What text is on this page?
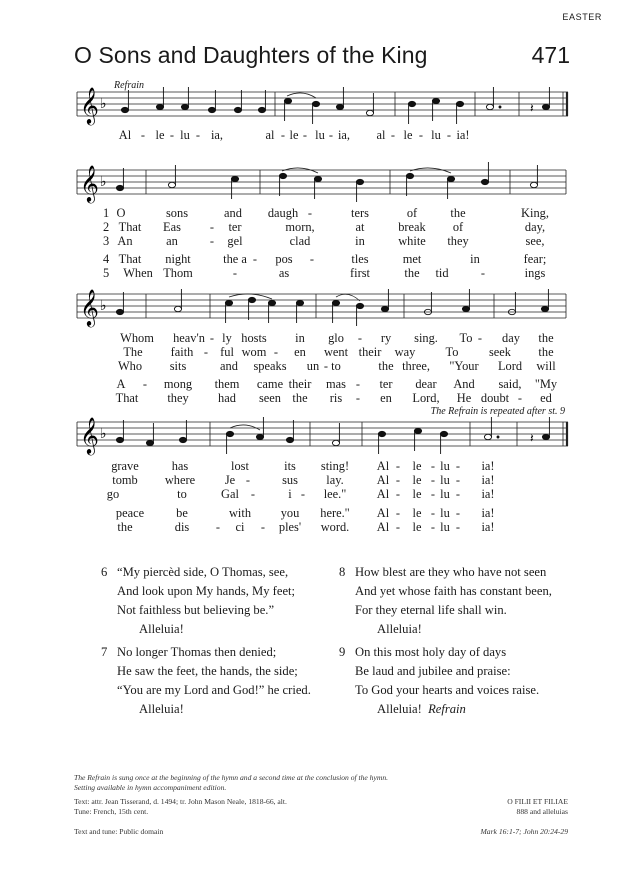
EASTER
O Sons and Daughters of the King	471
Refrain
The Refrain is repeated after st. 9
𝄞 ♭	𝄽
Al - le - lu - ia,	al - le - lu - ia, al - le - lu - ia!
𝄞 ♭
1 O	sons	and daugh -	ters	of	the	King,
2 That Eas - ter	morn,	at	break of	day,
3 An	an	- gel	clad	in	white they	see,
4 That night	the a - pos -	tles	met	in	fear;
5 When Thom	-	as	first	the tid	-	ings
𝄞 ♭
Whom heav'n - ly hosts in glo - ry sing. To - day the
The faith - ful wom - en went their way To seek the
Who sits	and speaks un - to	the three, "Your Lord will
A - mong them came their mas - ter dear And said, "My
That they had seen the ris - en Lord, He doubt - ed
𝄞 ♭	𝄽
grave	has	lost	its sting! Al - le - lu - ia!
tomb where Je -	sus lay.	Al - le - lu - ia!
go	to	Gal -	i - lee." Al - le - lu - ia!
peace	be	with you here." Al - le - lu - ia!
the	dis - ci - ples' word. Al - le - lu - ia!
6 “My piercèd side, O Thomas, see,
And look upon My hands, My feet;
Not faithless but believing be.”
Alleluia!
7 No longer Thomas then denied;
He saw the feet, the hands, the side;
“You are my Lord and God!” he cried.
Alleluia!
8 How blest are they who have not seen
And yet whose faith has constant been,
For they eternal life shall win.
Alleluia!
9 On this most holy day of days
Be laud and jubilee and praise:
To God your hearts and voices raise.
Alleluia! Refrain
The Refrain is sung once at the beginning of the hymn and a second time at the conclusion of the hymn.
Setting available in hymn accompaniment edition.
Text: attr. Jean Tisserand, d. 1494; tr. John Mason Neale, 1818-66, alt.
Tune: French, 15th cent.
O FILII ET FILIAE
888 and alleluias
Text and tune: Public domain	Mark 16:1-7; John 20:24-29
